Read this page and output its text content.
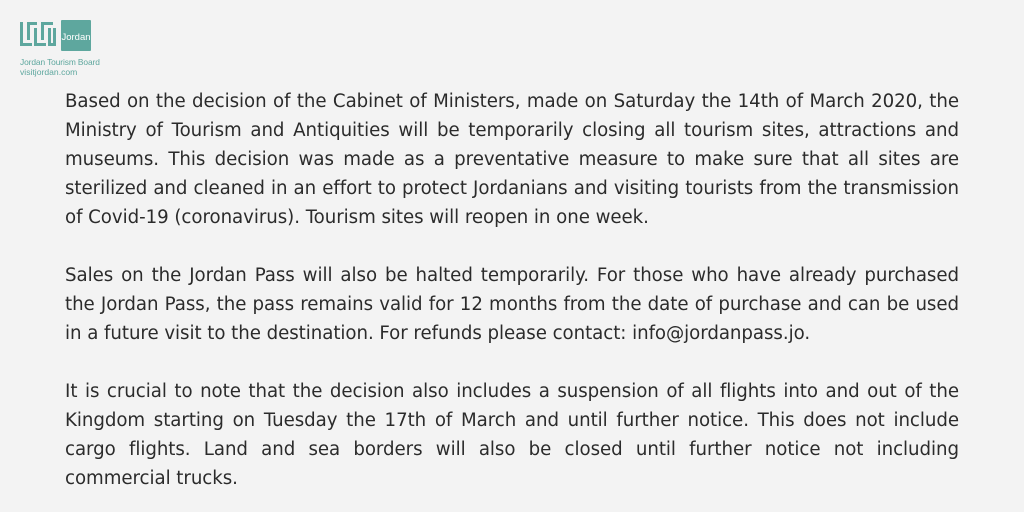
Jordan
Jordan Tourism Board
visitjordan.com

Based on the decision of the Cabinet of Ministers, made on Saturday the 14th of March 2020, the Ministry of Tourism and Antiquities will be temporarily closing all tourism sites, attractions and museums. This decision was made as a preventative measure to make sure that all sites are sterilized and cleaned in an effort to protect Jordanians and visiting tourists from the transmission of Covid-19 (coronavirus). Tourism sites will reopen in one week.

Sales on the Jordan Pass will also be halted temporarily. For those who have already purchased the Jordan Pass, the pass remains valid for 12 months from the date of purchase and can be used in a future visit to the destination. For refunds please contact: info@jordanpass.jo.

It is crucial to note that the decision also includes a suspension of all flights into and out of the Kingdom starting on Tuesday the 17th of March and until further notice. This does not include cargo flights. Land and sea borders will also be closed until further notice not including commercial trucks.
